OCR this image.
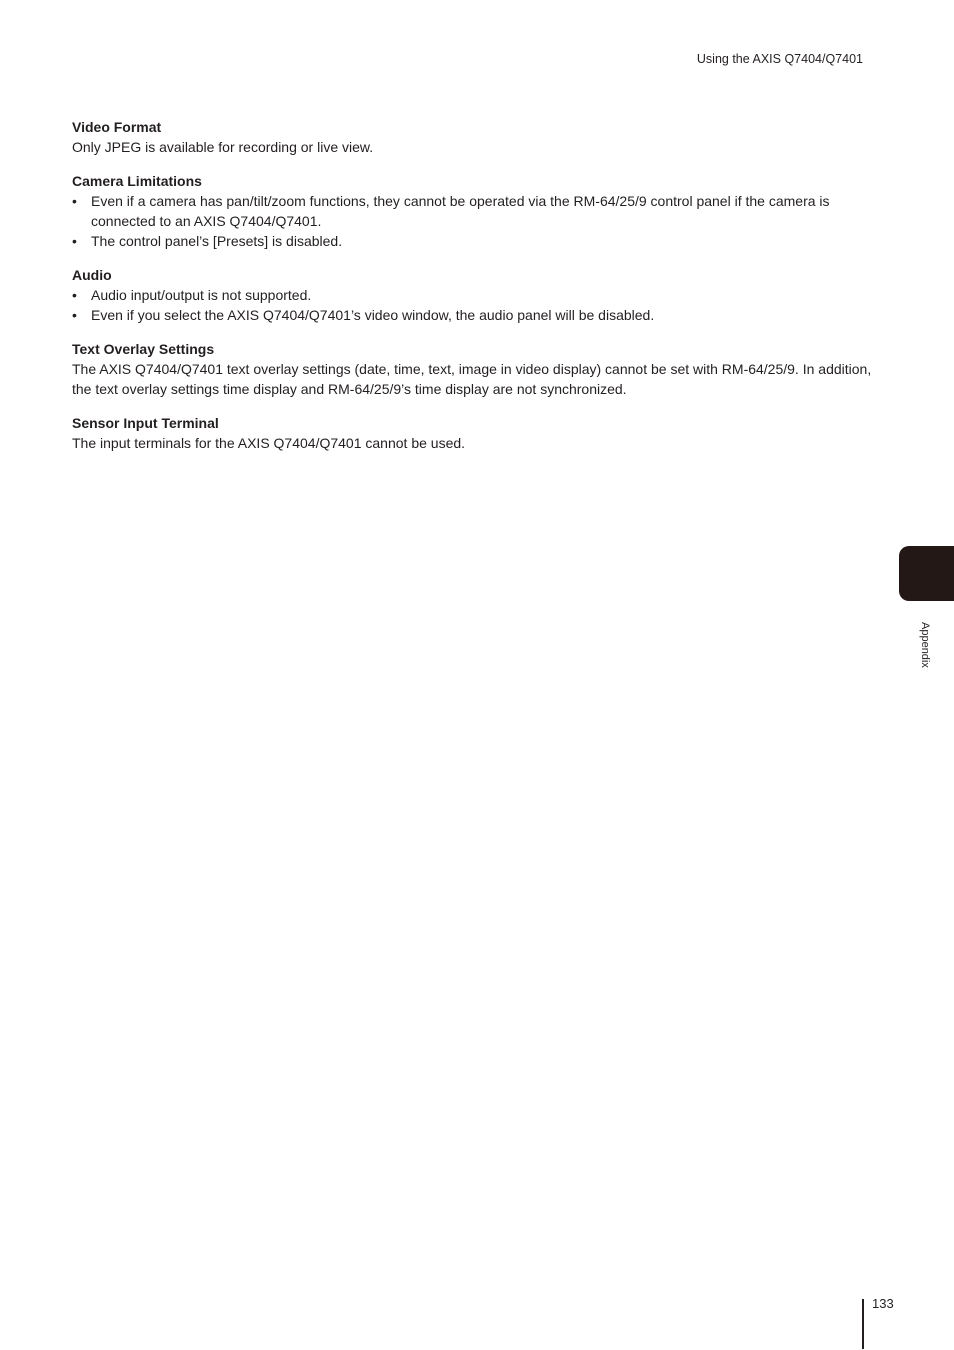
Using the AXIS Q7404/Q7401
Video Format

Only JPEG is available for recording or live view.

Camera Limitations
• Even if a camera has pan/tilt/zoom functions, they cannot be operated via the RM-64/25/9 control panel if the camera is connected to an AXIS Q7404/Q7401.
• The control panel’s [Presets] is disabled.
Audio
• Audio input/output is not supported.
• Even if you select the AXIS Q7404/Q7401’s video window, the audio panel will be disabled.
Text Overlay Settings

The AXIS Q7404/Q7401 text overlay settings (date, time, text, image in video display) cannot be set with RM-64/25/9. In addition, the text overlay settings time display and RM-64/25/9’s time display are not synchronized.

Sensor Input Terminal

The input terminals for the AXIS Q7404/Q7401 cannot be used.

Appendix
133
